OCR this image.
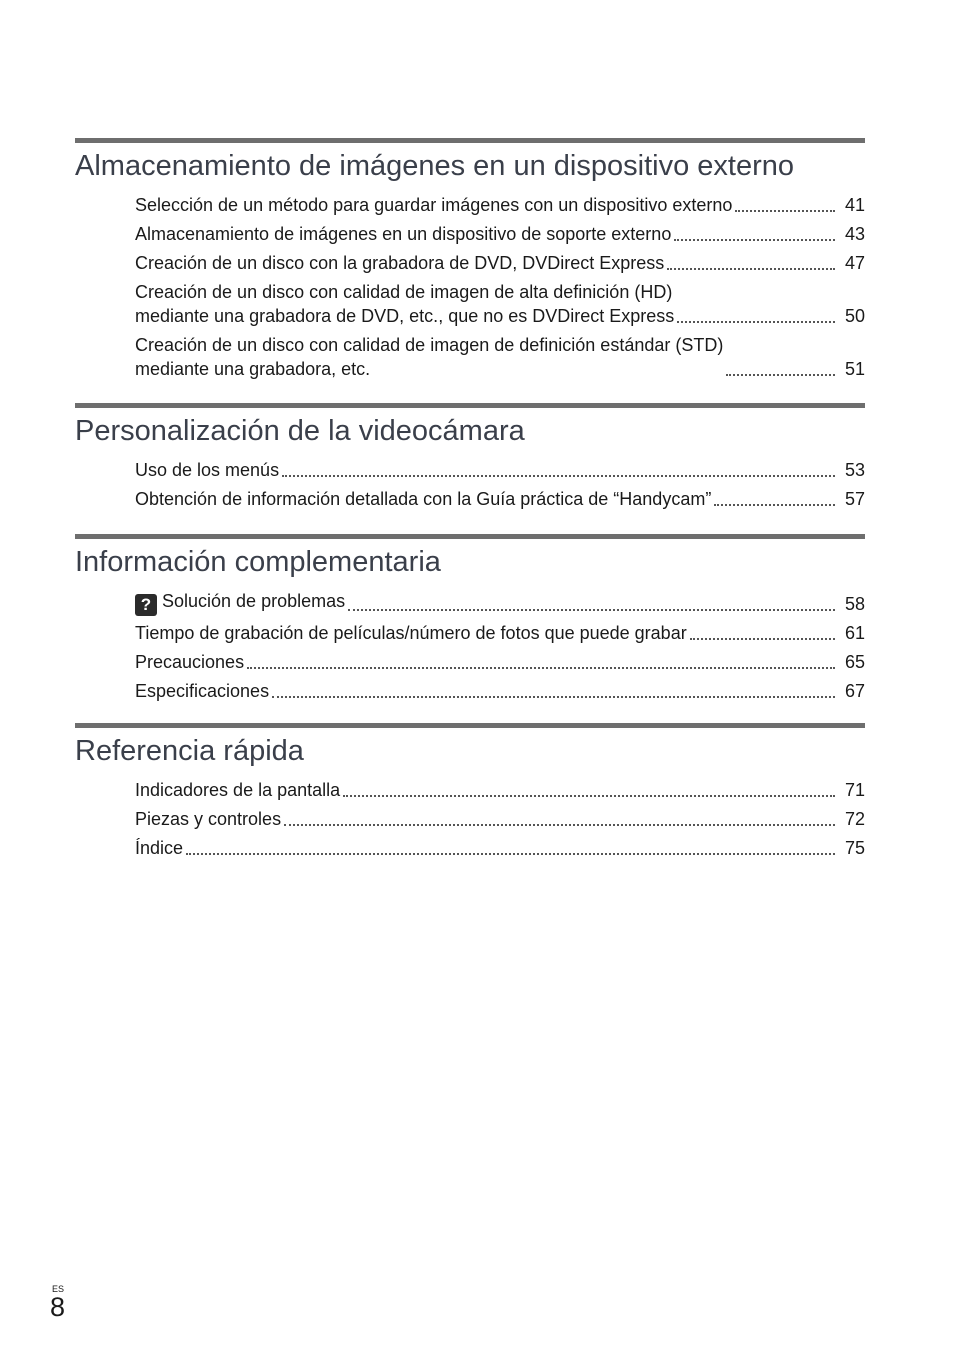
Almacenamiento de imágenes en un dispositivo externo
Selección de un método para guardar imágenes con un dispositivo externo	41
Almacenamiento de imágenes en un dispositivo de soporte externo	43
Creación de un disco con la grabadora de DVD, DVDirect Express	47
Creación de un disco con calidad de imagen de alta definición (HD)
mediante una grabadora de DVD, etc., que no es DVDirect Express	50
Creación de un disco con calidad de imagen de definición estándar (STD)
mediante una grabadora, etc.	51
Personalización de la videocámara
Uso de los menús	53
Obtención de información detallada con la Guía práctica de “Handycam”	57
Información complementaria
? Solución de problemas	58
Tiempo de grabación de películas/número de fotos que puede grabar	61
Precauciones	65
Especificaciones	67
Referencia rápida
Indicadores de la pantalla	71
Piezas y controles	72
Índice	75
ES
8
